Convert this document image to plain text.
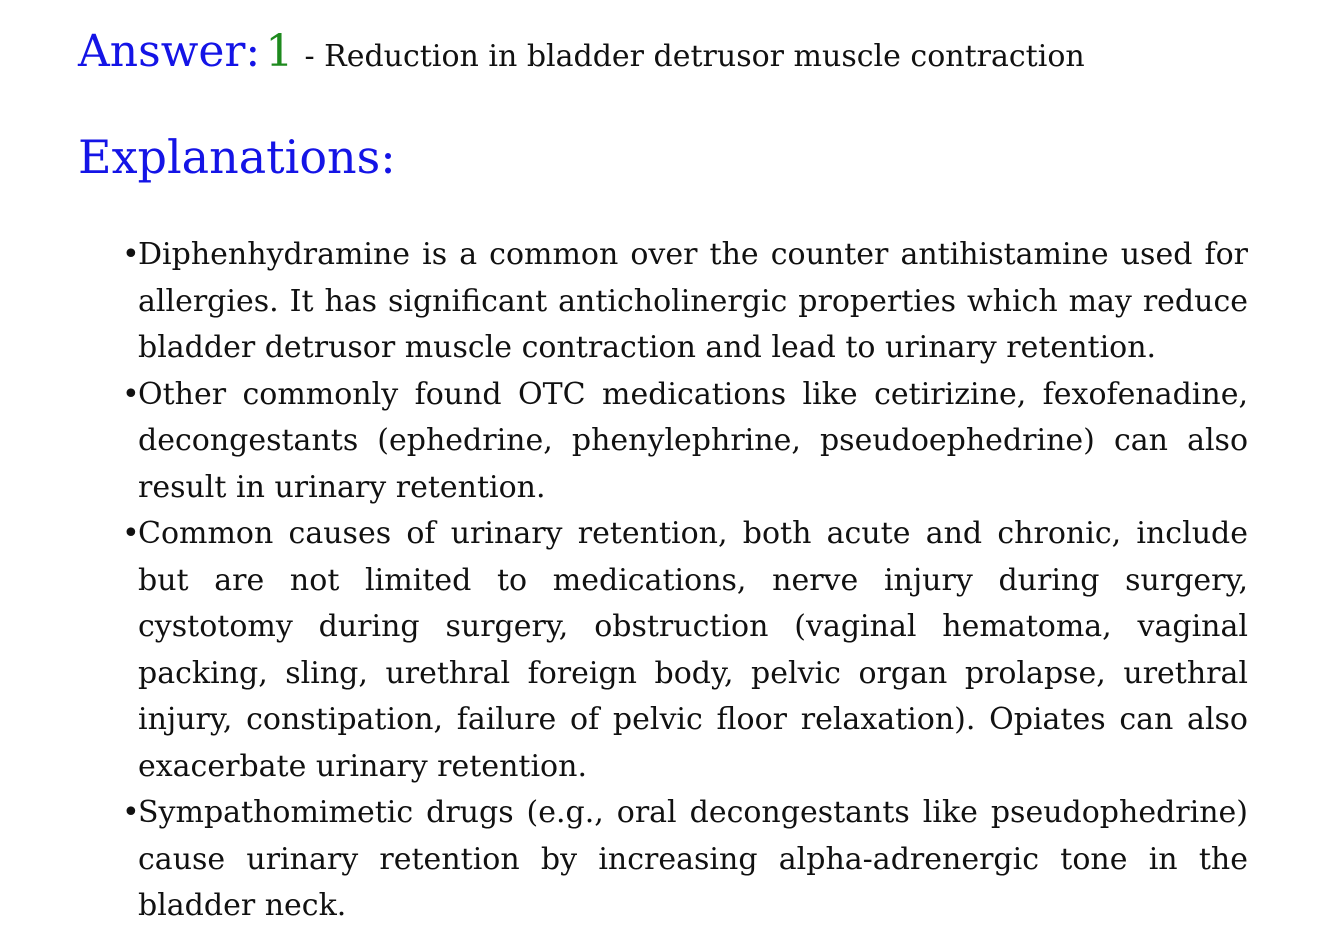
Answer: 1 - Reduction in bladder detrusor muscle contraction
Explanations:
•
Diphenhydramine is a common over the counter antihistamine used for allergies. It has significant anticholinergic properties which may reduce bladder detrusor muscle contraction and lead to urinary retention.
•
Other commonly found OTC medications like cetirizine, fexofenadine, decongestants (ephedrine, phenylephrine, pseudoephedrine) can also result in urinary retention.
•
Common causes of urinary retention, both acute and chronic, include but are not limited to medications, nerve injury during surgery, cystotomy during surgery, obstruction (vaginal hematoma, vaginal packing, sling, urethral foreign body, pelvic organ prolapse, urethral injury, constipation, failure of pelvic floor relaxation). Opiates can also exacerbate urinary retention.
•
Sympathomimetic drugs (e.g., oral decongestants like pseudophedrine) cause urinary retention by increasing alpha-adrenergic tone in the bladder neck.
